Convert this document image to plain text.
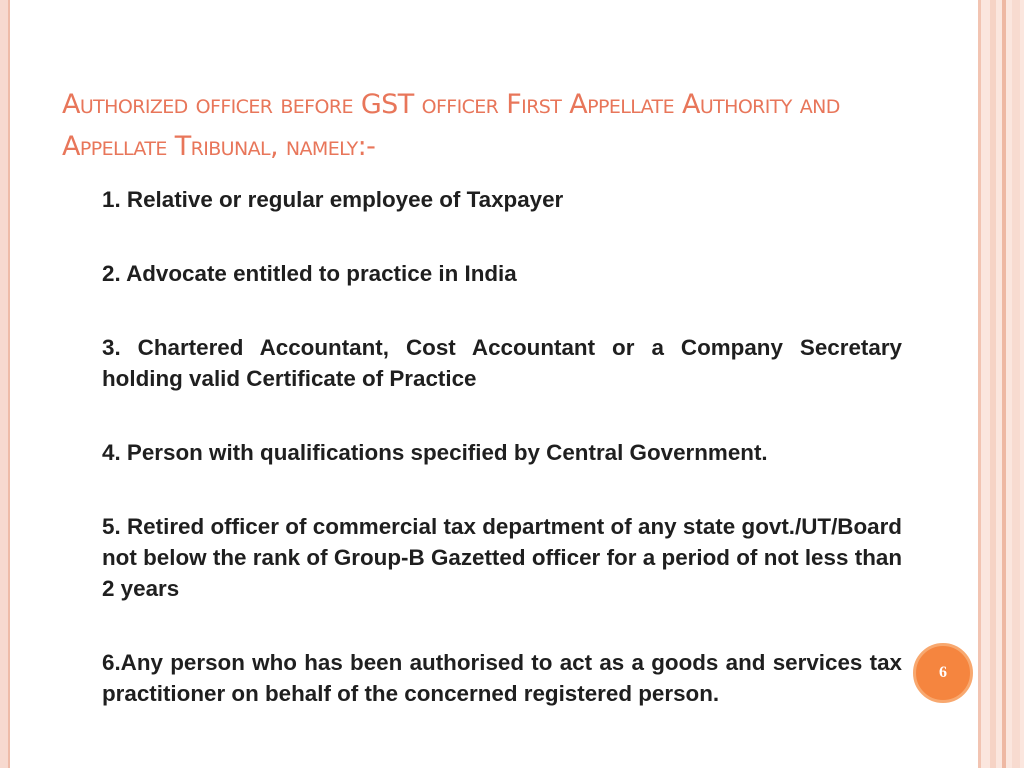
Authorized officer before GST officer First Appellate Authority and Appellate Tribunal, namely:-
1. Relative or regular employee of Taxpayer
2. Advocate entitled to practice in India
3. Chartered Accountant, Cost Accountant or a Company Secretary holding valid Certificate of Practice
4. Person with qualifications specified by Central Government.
5. Retired officer of commercial tax department of any state govt./UT/Board not below the rank of Group-B Gazetted officer for a period of not less than 2 years
6.Any person who has been authorised to act as a goods and services tax practitioner on behalf of the concerned registered person.
6
